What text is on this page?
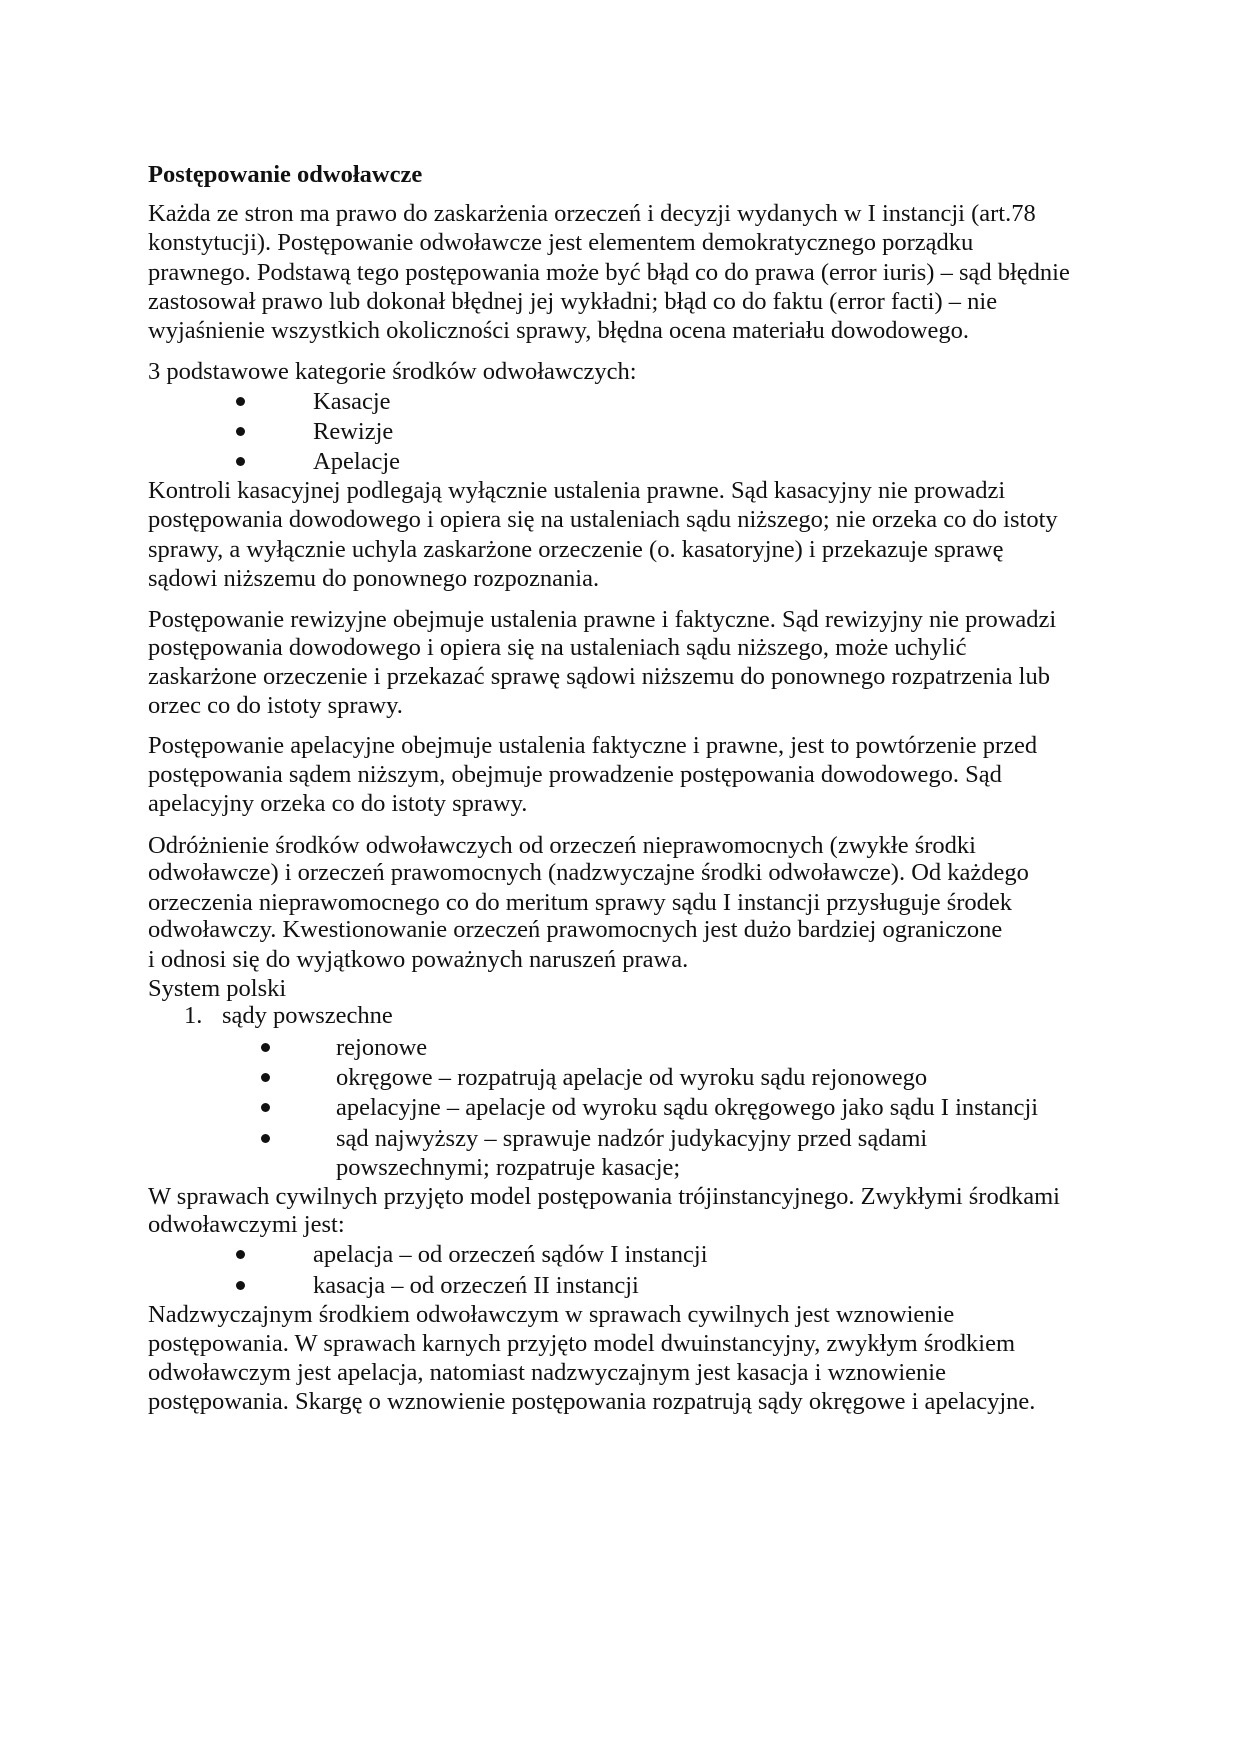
Postępowanie odwoławcze
Każda ze stron ma prawo do zaskarżenia orzeczeń i decyzji wydanych w I instancji (art.78
konstytucji). Postępowanie odwoławcze jest elementem demokratycznego porządku
prawnego. Podstawą tego postępowania może być błąd co do prawa (error iuris) – sąd błędnie
zastosował prawo lub dokonał błędnej jej wykładni; błąd co do faktu (error facti) – nie
wyjaśnienie wszystkich okoliczności sprawy, błędna ocena materiału dowodowego.
3 podstawowe kategorie środków odwoławczych:
Kasacje
Rewizje
Apelacje
Kontroli kasacyjnej podlegają wyłącznie ustalenia prawne. Sąd kasacyjny nie prowadzi
postępowania dowodowego i opiera się na ustaleniach sądu niższego; nie orzeka co do istoty
sprawy, a wyłącznie uchyla zaskarżone orzeczenie (o. kasatoryjne) i przekazuje sprawę
sądowi niższemu do ponownego rozpoznania.
Postępowanie rewizyjne obejmuje ustalenia prawne i faktyczne. Sąd rewizyjny nie prowadzi
postępowania dowodowego i opiera się na ustaleniach sądu niższego, może uchylić
zaskarżone orzeczenie i przekazać sprawę sądowi niższemu do ponownego rozpatrzenia lub
orzec co do istoty sprawy.
Postępowanie apelacyjne obejmuje ustalenia faktyczne i prawne, jest to powtórzenie przed
postępowania sądem niższym, obejmuje prowadzenie postępowania dowodowego. Sąd
apelacyjny orzeka co do istoty sprawy.
Odróżnienie środków odwoławczych od orzeczeń nieprawomocnych (zwykłe środki
odwoławcze) i orzeczeń prawomocnych (nadzwyczajne środki odwoławcze). Od każdego
orzeczenia nieprawomocnego co do meritum sprawy sądu I instancji przysługuje środek
odwoławczy. Kwestionowanie orzeczeń prawomocnych jest dużo bardziej ograniczone
i odnosi się do wyjątkowo poważnych naruszeń prawa.
System polski
1. sądy powszechne
rejonowe
okręgowe – rozpatrują apelacje od wyroku sądu rejonowego
apelacyjne – apelacje od wyroku sądu okręgowego jako sądu I instancji
sąd najwyższy – sprawuje nadzór judykacyjny przed sądami
powszechnymi; rozpatruje kasacje;
W sprawach cywilnych przyjęto model postępowania trójinstancyjnego. Zwykłymi środkami
odwoławczymi jest:
apelacja – od orzeczeń sądów I instancji
kasacja – od orzeczeń II instancji
Nadzwyczajnym środkiem odwoławczym w sprawach cywilnych jest wznowienie
postępowania. W sprawach karnych przyjęto model dwuinstancyjny, zwykłym środkiem
odwoławczym jest apelacja, natomiast nadzwyczajnym jest kasacja i wznowienie
postępowania. Skargę o wznowienie postępowania rozpatrują sądy okręgowe i apelacyjne.
